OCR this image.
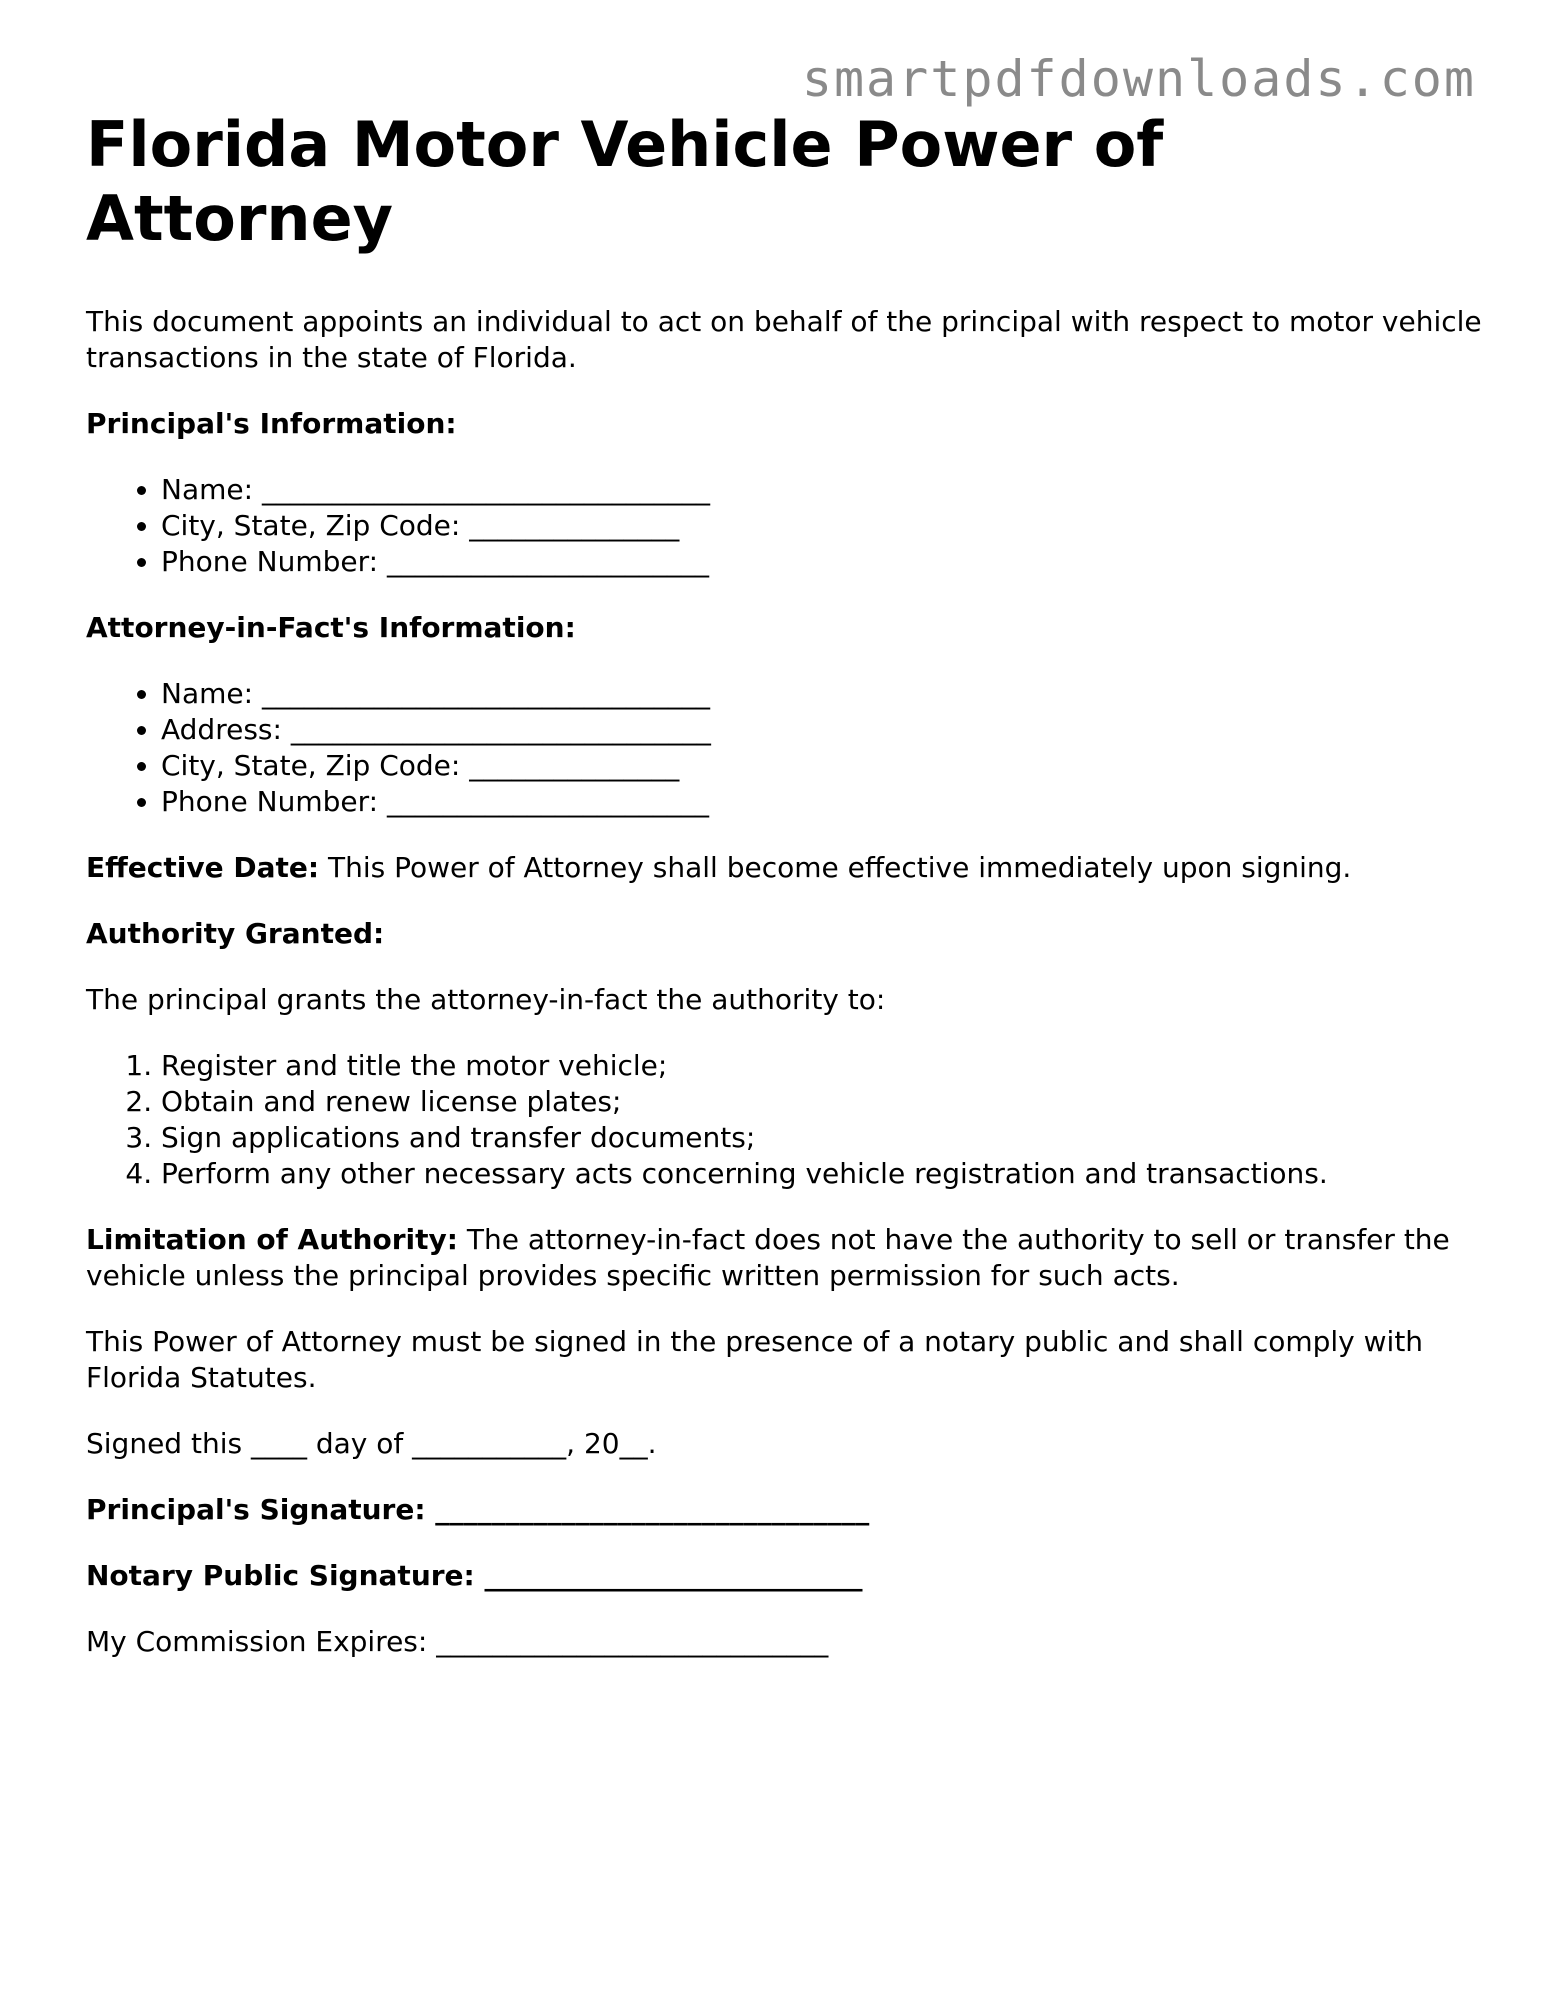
smartpdfdownloads.com
Florida Motor Vehicle Power of Attorney

This document appoints an individual to act on behalf of the principal with respect to motor vehicle transactions in the state of Florida.

Principal's Information:

• Name: ________________________________
• City, State, Zip Code: _______________
• Phone Number: _______________________

Attorney-in-Fact's Information:

• Name: ________________________________
• Address: ______________________________
• City, State, Zip Code: _______________
• Phone Number: _______________________

Effective Date: This Power of Attorney shall become effective immediately upon signing.

Authority Granted:

The principal grants the attorney-in-fact the authority to:

1. Register and title the motor vehicle;
2. Obtain and renew license plates;
3. Sign applications and transfer documents;
4. Perform any other necessary acts concerning vehicle registration and transactions.

Limitation of Authority: The attorney-in-fact does not have the authority to sell or transfer the vehicle unless the principal provides specific written permission for such acts.

This Power of Attorney must be signed in the presence of a notary public and shall comply with Florida Statutes.

Signed this ____ day of ___________, 20__.

Principal's Signature: _______________________________

Notary Public Signature: ___________________________

My Commission Expires: ____________________________
